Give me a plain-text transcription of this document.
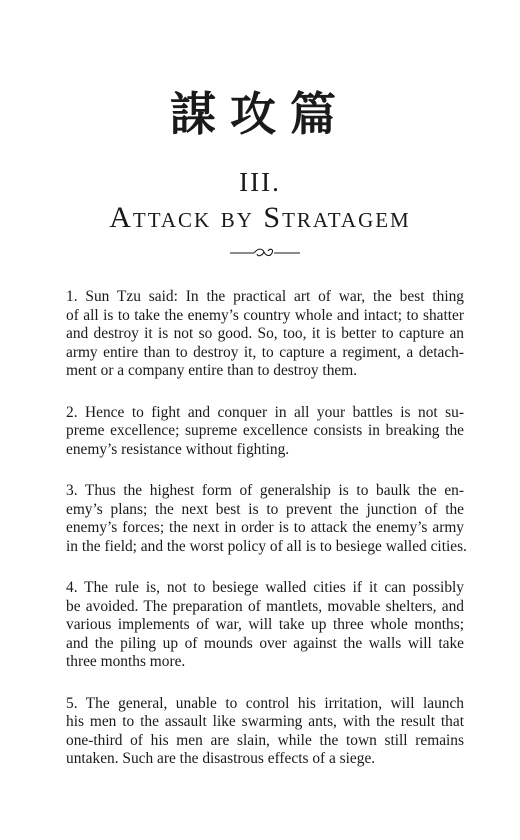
謀攻篇
III.
Attack by Stratagem

1. Sun Tzu said: In the practical art of war, the best thing
of all is to take the enemy’s country whole and intact; to shatter
and destroy it is not so good. So, too, it is better to capture an
army entire than to destroy it, to capture a regiment, a detach-
ment or a company entire than to destroy them.

2. Hence to fight and conquer in all your battles is not su-
preme excellence; supreme excellence consists in breaking the
enemy’s resistance without fighting.

3. Thus the highest form of generalship is to baulk the en-
emy’s plans; the next best is to prevent the junction of the
enemy’s forces; the next in order is to attack the enemy’s army
in the field; and the worst policy of all is to besiege walled cities.

4. The rule is, not to besiege walled cities if it can possibly
be avoided. The preparation of mantlets, movable shelters, and
various implements of war, will take up three whole months;
and the piling up of mounds over against the walls will take
three months more.

5. The general, unable to control his irritation, will launch
his men to the assault like swarming ants, with the result that
one-third of his men are slain, while the town still remains
untaken. Such are the disastrous effects of a siege.
